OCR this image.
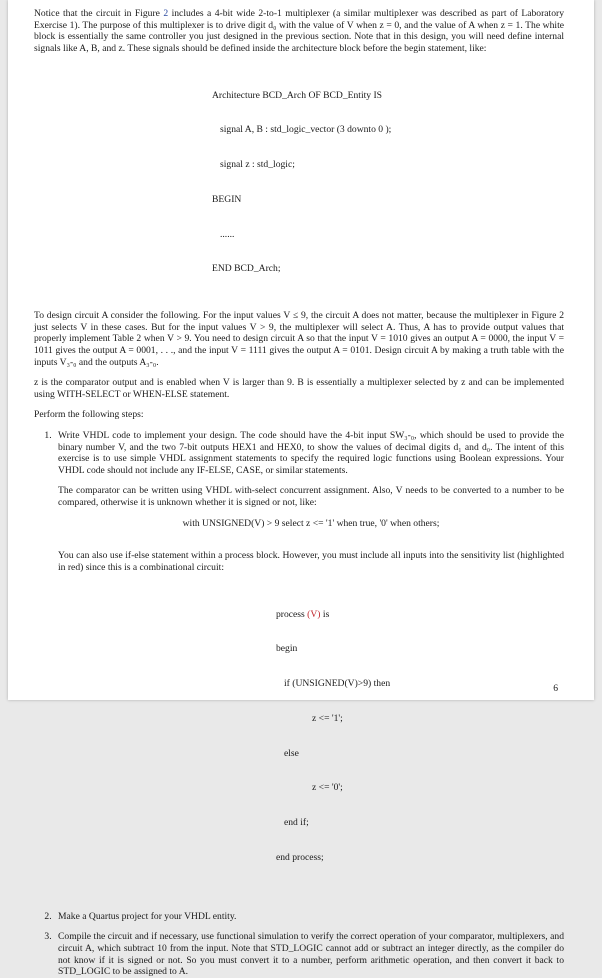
Notice that the circuit in Figure 2 includes a 4-bit wide 2-to-1 multiplexer (a similar multiplexer was described as part of Laboratory Exercise 1). The purpose of this multiplexer is to drive digit d₀ with the value of V when z = 0, and the value of A when z = 1. The white block is essentially the same controller you just designed in the previous section. Note that in this design, you will need define internal signals like A, B, and z. These signals should be defined inside the architecture block before the begin statement, like:

Architecture BCD_Arch OF BCD_Entity IS

signal A, B : std_logic_vector (3 downto 0 );

signal z : std_logic;

BEGIN

......

END BCD_Arch;

To design circuit A consider the following. For the input values V ≤ 9, the circuit A does not matter, because the multiplexer in Figure 2 just selects V in these cases. But for the input values V > 9, the multiplexer will select A. Thus, A has to provide output values that properly implement Table 2 when V > 9. You need to design circuit A so that the input V = 1010 gives an output A = 0000, the input V = 1011 gives the output A = 0001, . . ., and the input V = 1111 gives the output A = 0101. Design circuit A by making a truth table with the inputs V₃-₀ and the outputs A₃-₀.

z is the comparator output and is enabled when V is larger than 9. B is essentially a multiplexer selected by z and can be implemented using WITH-SELECT or WHEN-ELSE statement.

Perform the following steps:

1. Write VHDL code to implement your design. The code should have the 4-bit input SW₃-₀, which should be used to provide the binary number V, and the two 7-bit outputs HEX1 and HEX0, to show the values of decimal digits d₁ and d₀. The intent of this exercise is to use simple VHDL assignment statements to specify the required logic functions using Boolean expressions. Your VHDL code should not include any IF-ELSE, CASE, or similar statements.

The comparator can be written using VHDL with-select concurrent assignment. Also, V needs to be converted to a number to be compared, otherwise it is unknown whether it is signed or not, like:

with UNSIGNED(V) > 9 select z <= '1' when true, '0' when others;

You can also use if-else statement within a process block. However, you must include all inputs into the sensitivity list (highlighted in red) since this is a combinational circuit:

process (V) is

begin

if (UNSIGNED(V)>9) then

z <= '1';

else

z <= '0';

end if;

end process;

2. Make a Quartus project for your VHDL entity.

3. Compile the circuit and if necessary, use functional simulation to verify the correct operation of your comparator, multiplexers, and circuit A, which subtract 10 from the input. Note that STD_LOGIC cannot add or subtract an integer directly, as the compiler do not know if it is signed or not. So you must convert it to a number, perform arithmetic operation, and then convert it back to STD_LOGIC to be assigned to A.

6
